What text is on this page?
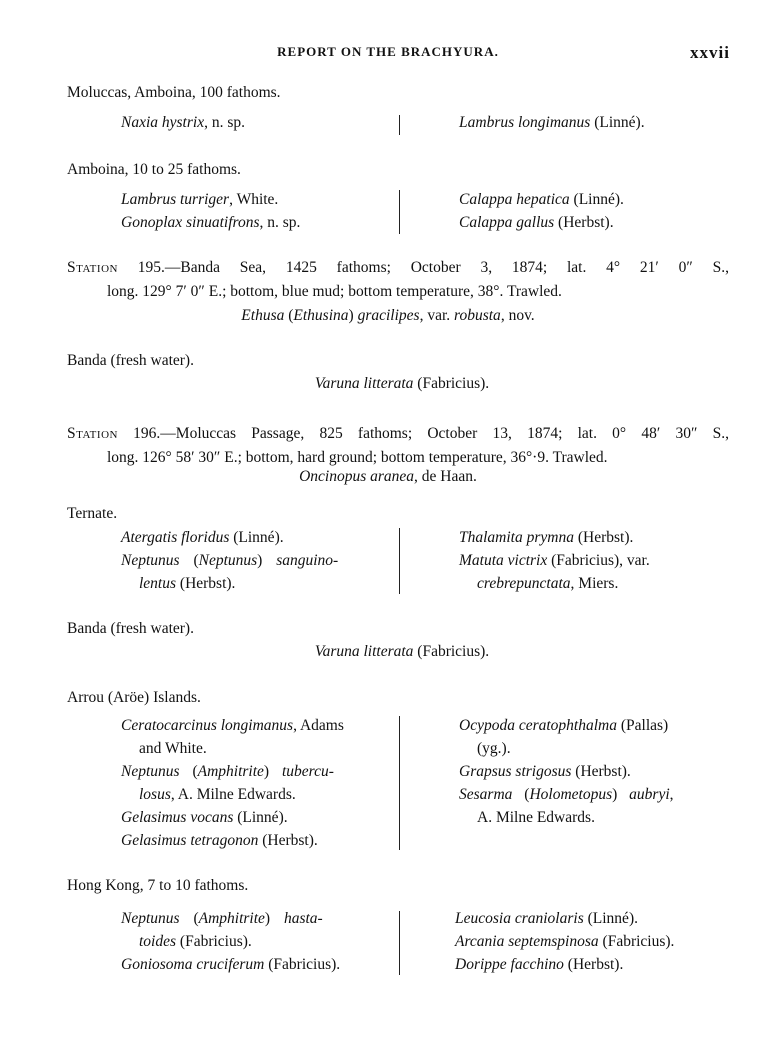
REPORT ON THE BRACHYURA.	xxvii
Moluccas, Amboina, 100 fathoms.
Naxia hystrix, n. sp.	Lambrus longimanus (Linné).
Amboina, 10 to 25 fathoms.
Lambrus turriger, White.
Gonoplax sinuatifrons, n. sp.
Calappa hepatica (Linné).
Calappa gallus (Herbst).
Station 195.—Banda Sea, 1425 fathoms; October 3, 1874; lat. 4° 21′ 0″ S.,
long. 129° 7′ 0″ E.; bottom, blue mud; bottom temperature, 38°. Trawled.
Ethusa (Ethusina) gracilipes, var. robusta, nov.
Banda (fresh water).
Varuna litterata (Fabricius).
Station 196.—Moluccas Passage, 825 fathoms; October 13, 1874; lat. 0° 48′ 30″ S.,
long. 126° 58′ 30″ E.; bottom, hard ground; bottom temperature, 36°·9. Trawled.
Oncinopus aranea, de Haan.
Ternate.
Atergatis floridus (Linné).
Neptunus (Neptunus) sanguino-
lentus (Herbst).
Thalamita prymna (Herbst).
Matuta victrix (Fabricius), var.
crebrepunctata, Miers.
Banda (fresh water).
Varuna litterata (Fabricius).
Arrou (Aröe) Islands.
Ceratocarcinus longimanus, Adams
and White.
Neptunus (Amphitrite) tubercu-
losus, A. Milne Edwards.
Gelasimus vocans (Linné).
Gelasimus tetragonon (Herbst).
Ocypoda ceratophthalma (Pallas)
(yg.).
Grapsus strigosus (Herbst).
Sesarma (Holometopus) aubryi,
A. Milne Edwards.
Hong Kong, 7 to 10 fathoms.
Neptunus (Amphitrite) hasta-
toides (Fabricius).
Goniosoma cruciferum (Fabricius).
Leucosia craniolaris (Linné).
Arcania septemspinosa (Fabricius).
Dorippe facchino (Herbst).
